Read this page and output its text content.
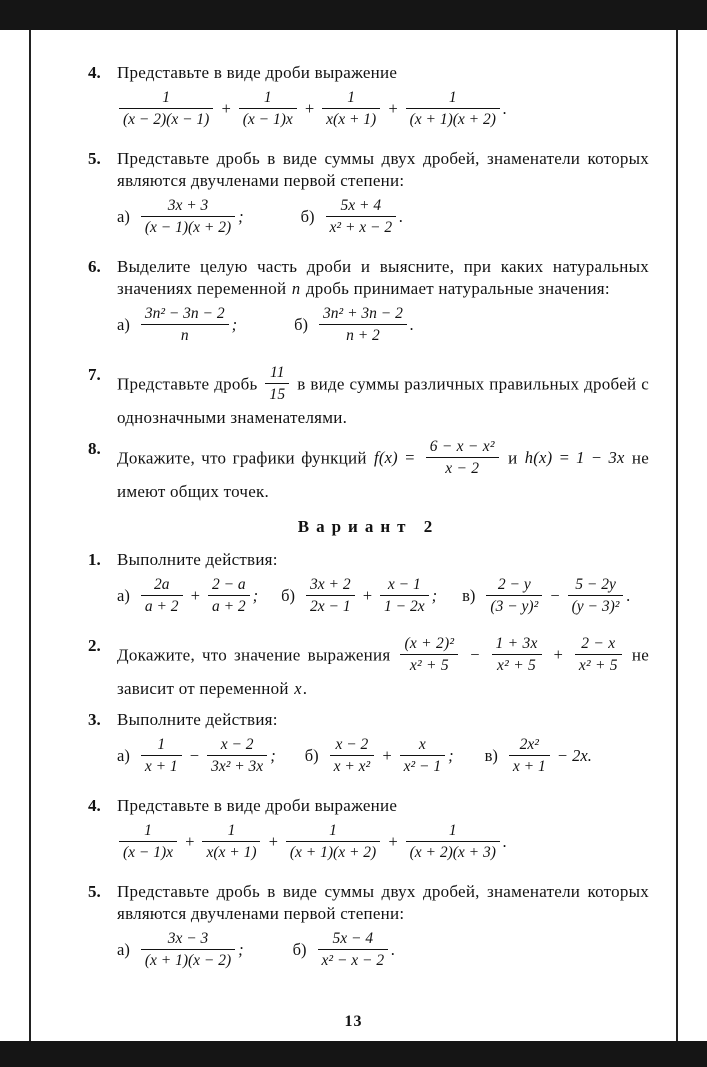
4. Представьте в виде дроби выражение

$\frac{1}{(x - 2)(x - 1)} + \frac{1}{(x - 1)x} + \frac{1}{x(x + 1)} + \frac{1}{(x + 1)(x + 2)}$ .
5. Представьте дробь в виде суммы двух дробей, знаменатели которых являются двучленами первой степени:

$а) \frac{3x + 3}{(x - 1)(x + 2)}$ ;	$б) \frac{5x + 4}{\text{x² + x − 2}}$ .
6. Выделите целую часть дроби и выясните, при каких натуральных значениях переменной n дробь принимает натуральные значения:

$а) \frac{\text{3n² − 3n − 2}}{n}$ ;	$б) \frac{\text{3n² + 3n − 2}}{n + 2}$ .
7. Представьте дробь $\frac{11}{15}$ в виде суммы различных правильных дробей с однозначными знаменателями.

8. Докажите, что графики функций $f(x) = \frac{\text{6 − x − x²}}{x - 2}$ и h(x) = 1 − 3x не имеют общих точек.

Вариант 2
1. Выполните действия:

$а) \frac{2a}{a + 2} + \frac{2 - a}{a + 2}$ ; $б) \frac{3x + 2}{2x - 1} + \frac{x - 1}{1 - 2x}$ ; $в) \frac{2 - y}{\text{(3 − y)²}} - \frac{5 - 2y}{\text{(y − 3)²}}$ .
2. Докажите, что значение выражения $\frac{\text{(x + 2)²}}{\text{x² + 5}} - \frac{1 + 3x}{\text{x² + 5}} + \frac{2 - x}{\text{x² + 5}}$ не зависит от переменной x.

3. Выполните действия:

$а) \frac{1}{x + 1} - \frac{x - 2}{\text{3x² + 3x}}$ ; $б) \frac{x - 2}{\text{x + x²}} + \frac{x}{\text{x² − 1}}$ ; $в) \frac{\text{2x²}}{x + 1} - 2x$.
4. Представьте в виде дроби выражение

$\frac{1}{(x - 1)x} + \frac{1}{x(x + 1)} + \frac{1}{(x + 1)(x + 2)} + \frac{1}{(x + 2)(x + 3)}$ .
5. Представьте дробь в виде суммы двух дробей, знаменатели которых являются двучленами первой степени:

$а) \frac{3x - 3}{(x + 1)(x - 2)}$ ;	$б) \frac{5x - 4}{\text{x² − x − 2}}$ .
13
